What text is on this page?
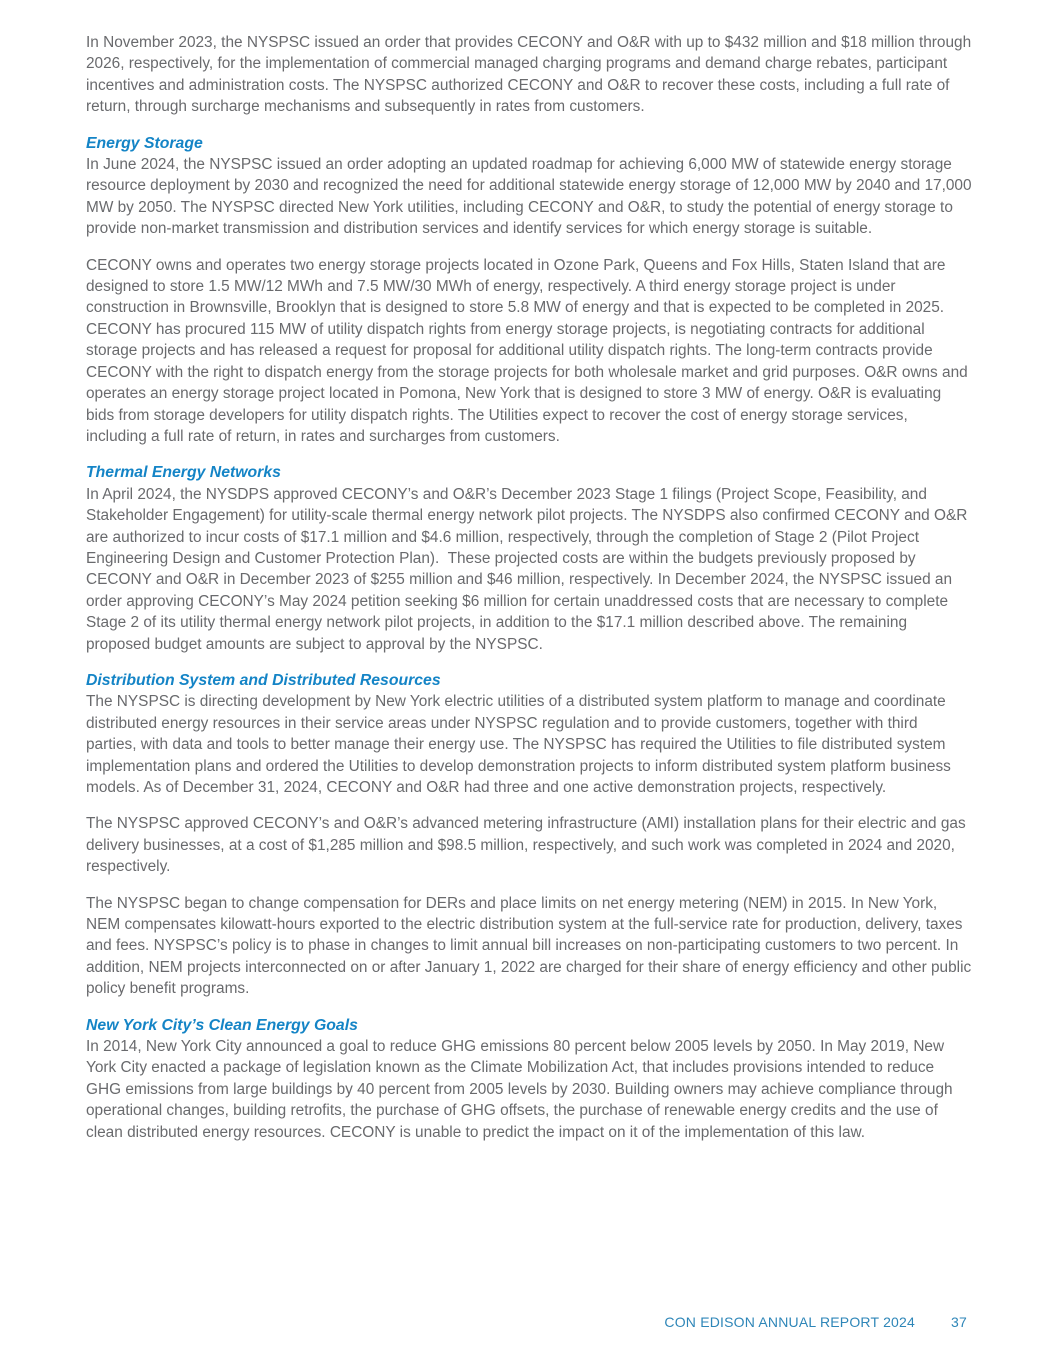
In November 2023, the NYSPSC issued an order that provides CECONY and O&R with up to $432 million and $18 million through 2026, respectively, for the implementation of commercial managed charging programs and demand charge rebates, participant incentives and administration costs. The NYSPSC authorized CECONY and O&R to recover these costs, including a full rate of return, through surcharge mechanisms and subsequently in rates from customers.

Energy Storage

In June 2024, the NYSPSC issued an order adopting an updated roadmap for achieving 6,000 MW of statewide energy storage resource deployment by 2030 and recognized the need for additional statewide energy storage of 12,000 MW by 2040 and 17,000 MW by 2050. The NYSPSC directed New York utilities, including CECONY and O&R, to study the potential of energy storage to provide non-market transmission and distribution services and identify services for which energy storage is suitable.

CECONY owns and operates two energy storage projects located in Ozone Park, Queens and Fox Hills, Staten Island that are designed to store 1.5 MW/12 MWh and 7.5 MW/30 MWh of energy, respectively. A third energy storage project is under construction in Brownsville, Brooklyn that is designed to store 5.8 MW of energy and that is expected to be completed in 2025. CECONY has procured 115 MW of utility dispatch rights from energy storage projects, is negotiating contracts for additional storage projects and has released a request for proposal for additional utility dispatch rights. The long-term contracts provide CECONY with the right to dispatch energy from the storage projects for both wholesale market and grid purposes. O&R owns and operates an energy storage project located in Pomona, New York that is designed to store 3 MW of energy. O&R is evaluating bids from storage developers for utility dispatch rights. The Utilities expect to recover the cost of energy storage services, including a full rate of return, in rates and surcharges from customers.

Thermal Energy Networks

In April 2024, the NYSDPS approved CECONY’s and O&R’s December 2023 Stage 1 filings (Project Scope, Feasibility, and Stakeholder Engagement) for utility-scale thermal energy network pilot projects. The NYSDPS also confirmed CECONY and O&R are authorized to incur costs of $17.1 million and $4.6 million, respectively, through the completion of Stage 2 (Pilot Project Engineering Design and Customer Protection Plan).  These projected costs are within the budgets previously proposed by CECONY and O&R in December 2023 of $255 million and $46 million, respectively. In December 2024, the NYSPSC issued an order approving CECONY’s May 2024 petition seeking $6 million for certain unaddressed costs that are necessary to complete Stage 2 of its utility thermal energy network pilot projects, in addition to the $17.1 million described above. The remaining proposed budget amounts are subject to approval by the NYSPSC.

Distribution System and Distributed Resources

The NYSPSC is directing development by New York electric utilities of a distributed system platform to manage and coordinate distributed energy resources in their service areas under NYSPSC regulation and to provide customers, together with third parties, with data and tools to better manage their energy use. The NYSPSC has required the Utilities to file distributed system implementation plans and ordered the Utilities to develop demonstration projects to inform distributed system platform business models. As of December 31, 2024, CECONY and O&R had three and one active demonstration projects, respectively.

The NYSPSC approved CECONY’s and O&R’s advanced metering infrastructure (AMI) installation plans for their electric and gas delivery businesses, at a cost of $1,285 million and $98.5 million, respectively, and such work was completed in 2024 and 2020, respectively.

The NYSPSC began to change compensation for DERs and place limits on net energy metering (NEM) in 2015. In New York, NEM compensates kilowatt-hours exported to the electric distribution system at the full-service rate for production, delivery, taxes and fees. NYSPSC’s policy is to phase in changes to limit annual bill increases on non-participating customers to two percent. In addition, NEM projects interconnected on or after January 1, 2022 are charged for their share of energy efficiency and other public policy benefit programs.

New York City’s Clean Energy Goals

In 2014, New York City announced a goal to reduce GHG emissions 80 percent below 2005 levels by 2050. In May 2019, New York City enacted a package of legislation known as the Climate Mobilization Act, that includes provisions intended to reduce GHG emissions from large buildings by 40 percent from 2005 levels by 2030. Building owners may achieve compliance through operational changes, building retrofits, the purchase of GHG offsets, the purchase of renewable energy credits and the use of clean distributed energy resources. CECONY is unable to predict the impact on it of the implementation of this law.

CON EDISON ANNUAL REPORT 2024	37
